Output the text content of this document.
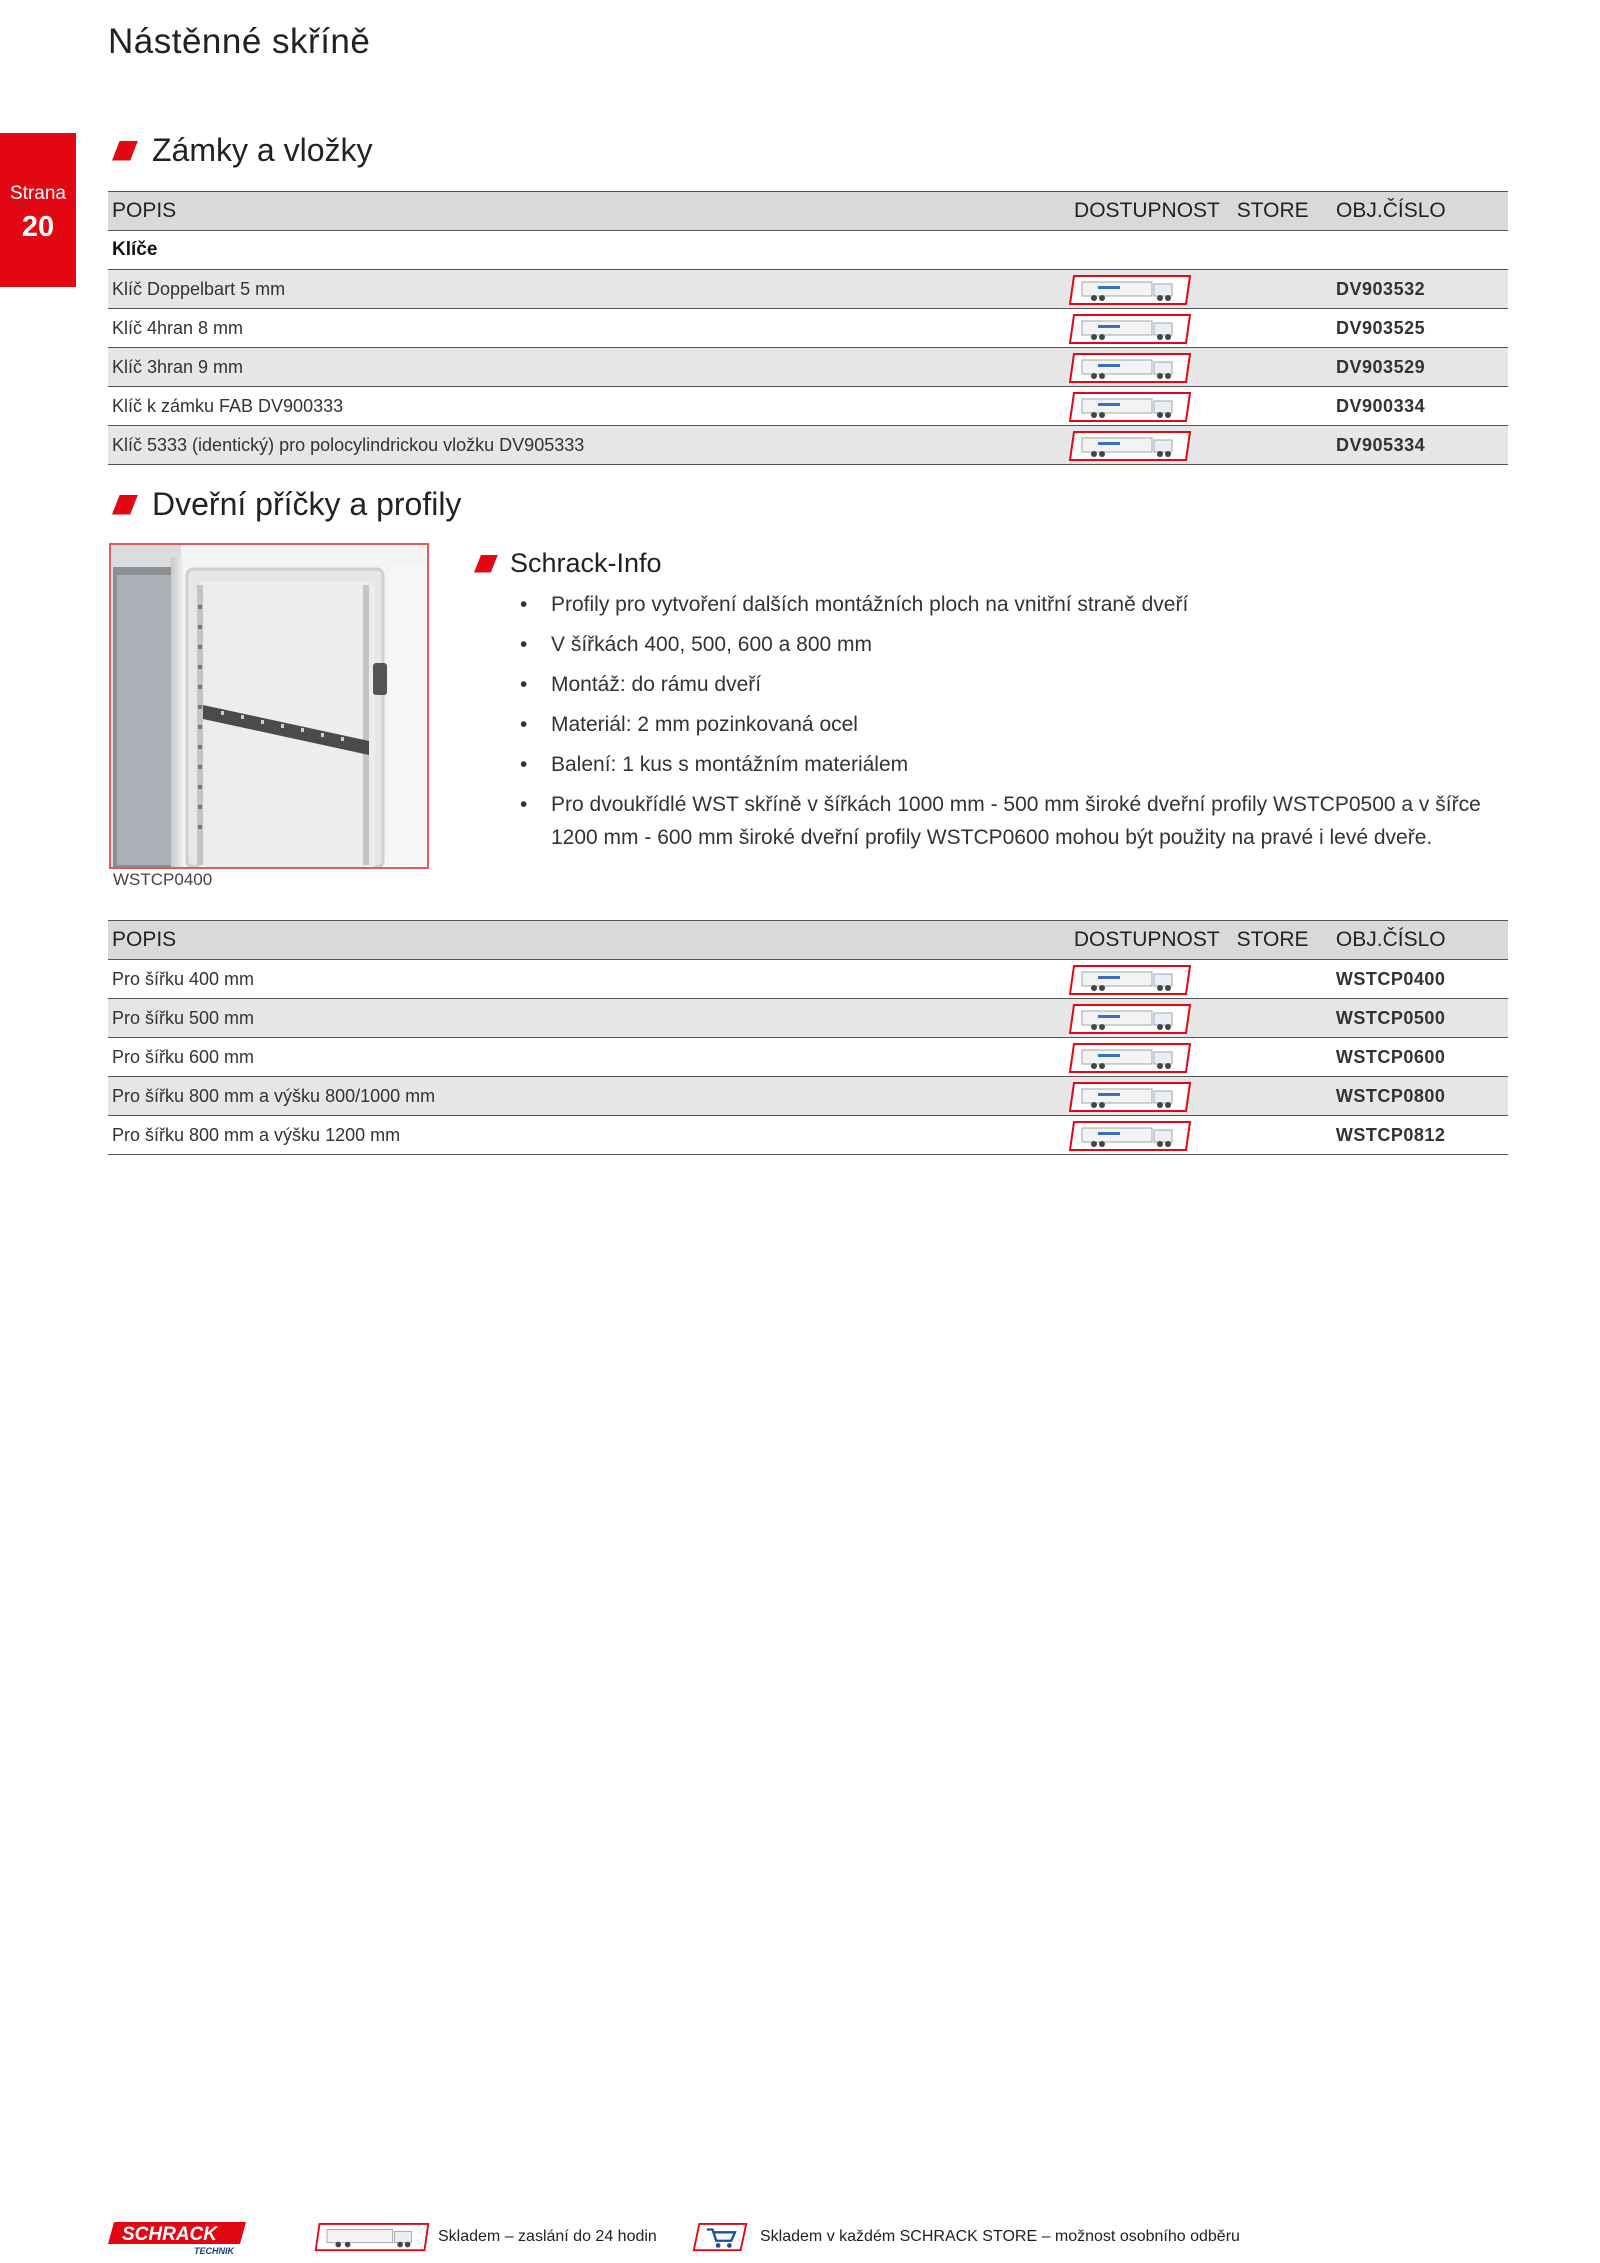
Nástěnné skříně
Strana
20
Zámky a vložky
POPIS	DOSTUPNOST	STORE	OBJ.ČÍSLO
Klíče			
Klíč Doppelbart 5 mm			DV903532
Klíč 4hran 8 mm			DV903525
Klíč 3hran 9 mm			DV903529
Klíč k zámku FAB DV900333			DV900334
Klíč 5333 (identický) pro polocylindrickou vložku DV905333			DV905334
Dveřní příčky a profily
WSTCP0400
Schrack-Info
• Profily pro vytvoření dalších montážních ploch na vnitřní straně dveří
• V šířkách 400, 500, 600 a 800 mm
• Montáž: do rámu dveří
• Materiál: 2 mm pozinkovaná ocel
• Balení: 1 kus s montážním materiálem
• Pro dvoukřídlé WST skříně v šířkách 1000 mm - 500 mm široké dveřní profily WSTCP0500 a v šířce 1200 mm - 600 mm široké dveřní profily WSTCP0600 mohou být použity na pravé i levé dveře.
POPIS	DOSTUPNOST	STORE	OBJ.ČÍSLO
Pro šířku 400 mm			WSTCP0400
Pro šířku 500 mm			WSTCP0500
Pro šířku 600 mm			WSTCP0600
Pro šířku 800 mm a výšku 800/1000 mm			WSTCP0800
Pro šířku 800 mm a výšku 1200 mm			WSTCP0812
SCHRACK
TECHNIK
Skladem – zaslání do 24 hodin	Skladem v každém SCHRACK STORE – možnost osobního odběru
